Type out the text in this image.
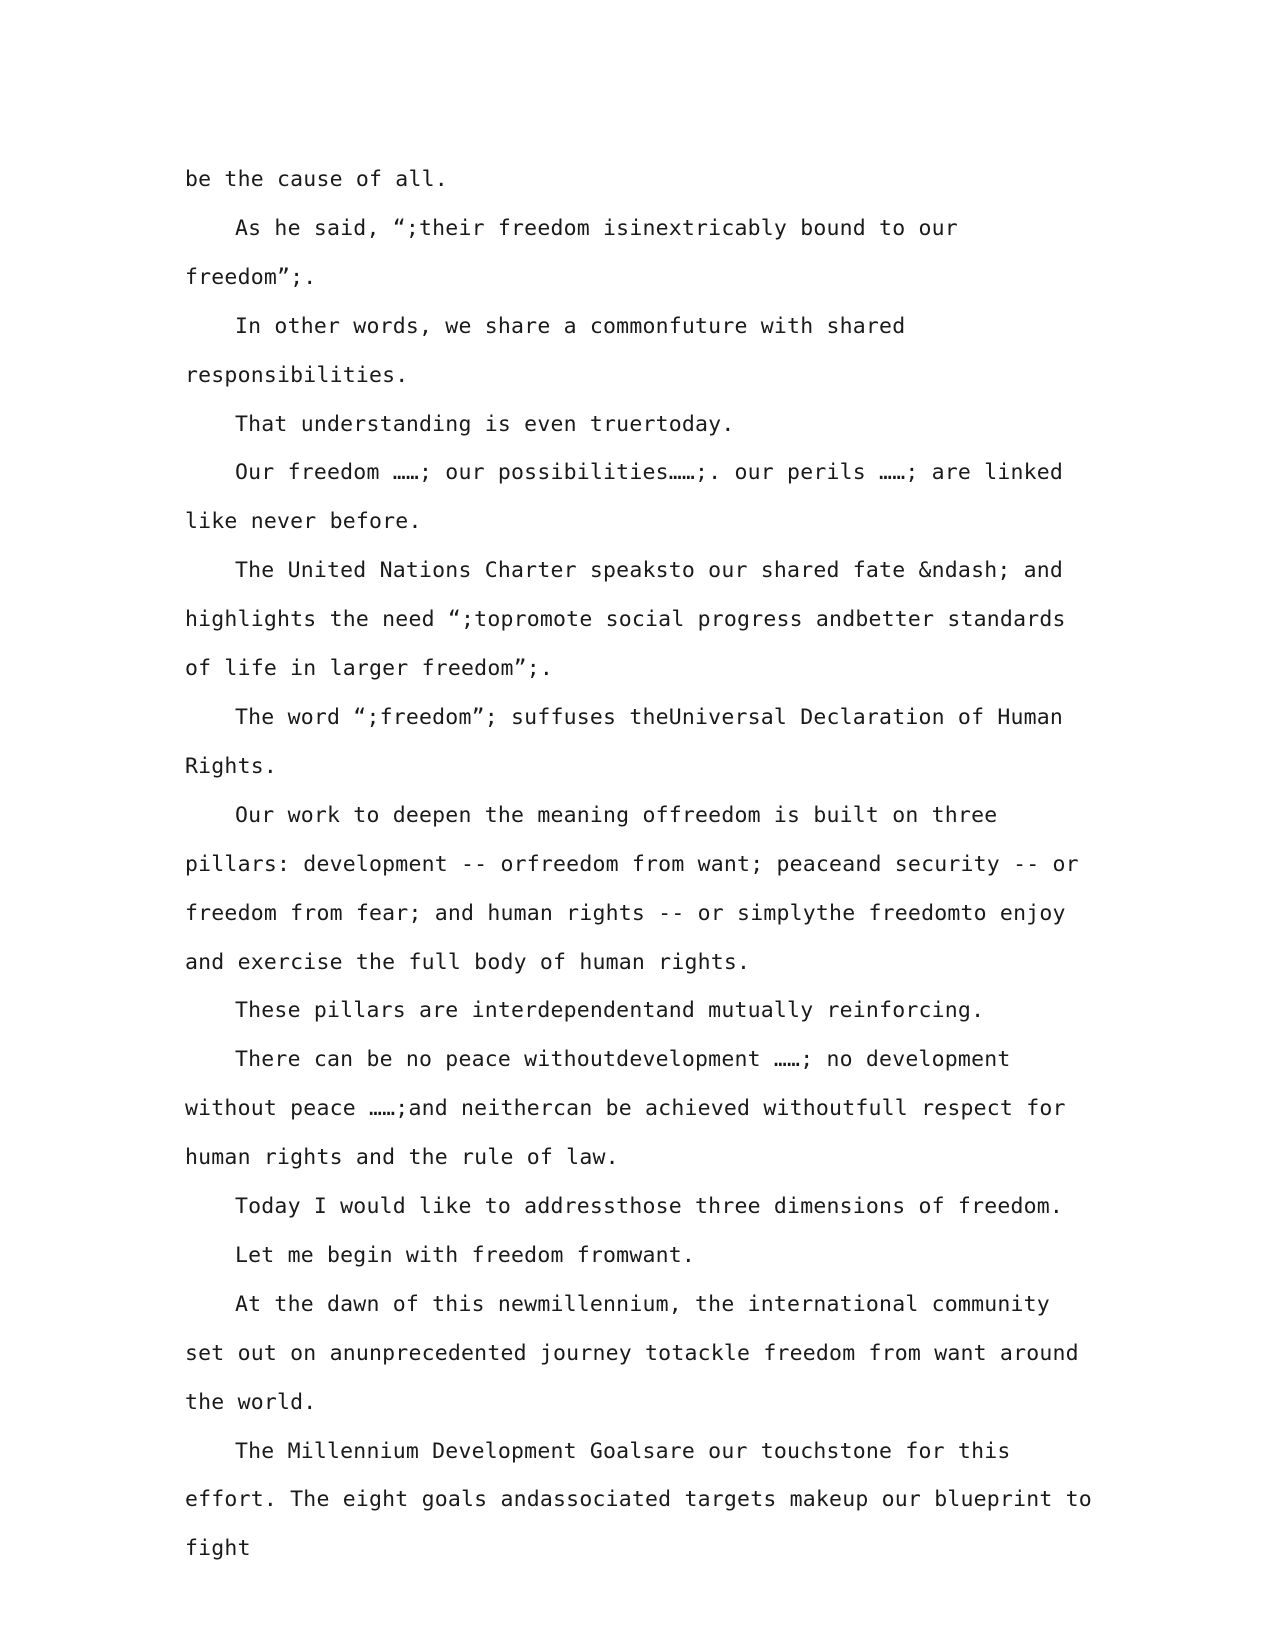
be the cause of all.

As he said, “;their freedom isinextricably bound to our freedom”;.

In other words, we share a commonfuture with shared responsibilities.

That understanding is even truertoday.

Our freedom ……; our possibilities……;. our perils ……; are linked like never before.

The United Nations Charter speaksto our shared fate &ndash; and highlights the need “;topromote social progress andbetter standards of life in larger freedom”;.

The word “;freedom”; suffuses theUniversal Declaration of Human Rights.

Our work to deepen the meaning offreedom is built on three pillars: development -- orfreedom from want; peaceand security -- or freedom from fear; and human rights -- or simplythe freedomto enjoy and exercise the full body of human rights.

These pillars are interdependentand mutually reinforcing.

There can be no peace withoutdevelopment ……; no development without peace ……;and neithercan be achieved withoutfull respect for human rights and the rule of law.

Today I would like to addressthose three dimensions of freedom.

Let me begin with freedom fromwant.

At the dawn of this newmillennium, the international community set out on anunprecedented journey totackle freedom from want around the world.

The Millennium Development Goalsare our touchstone for this effort. The eight goals andassociated targets makeup our blueprint to fight
